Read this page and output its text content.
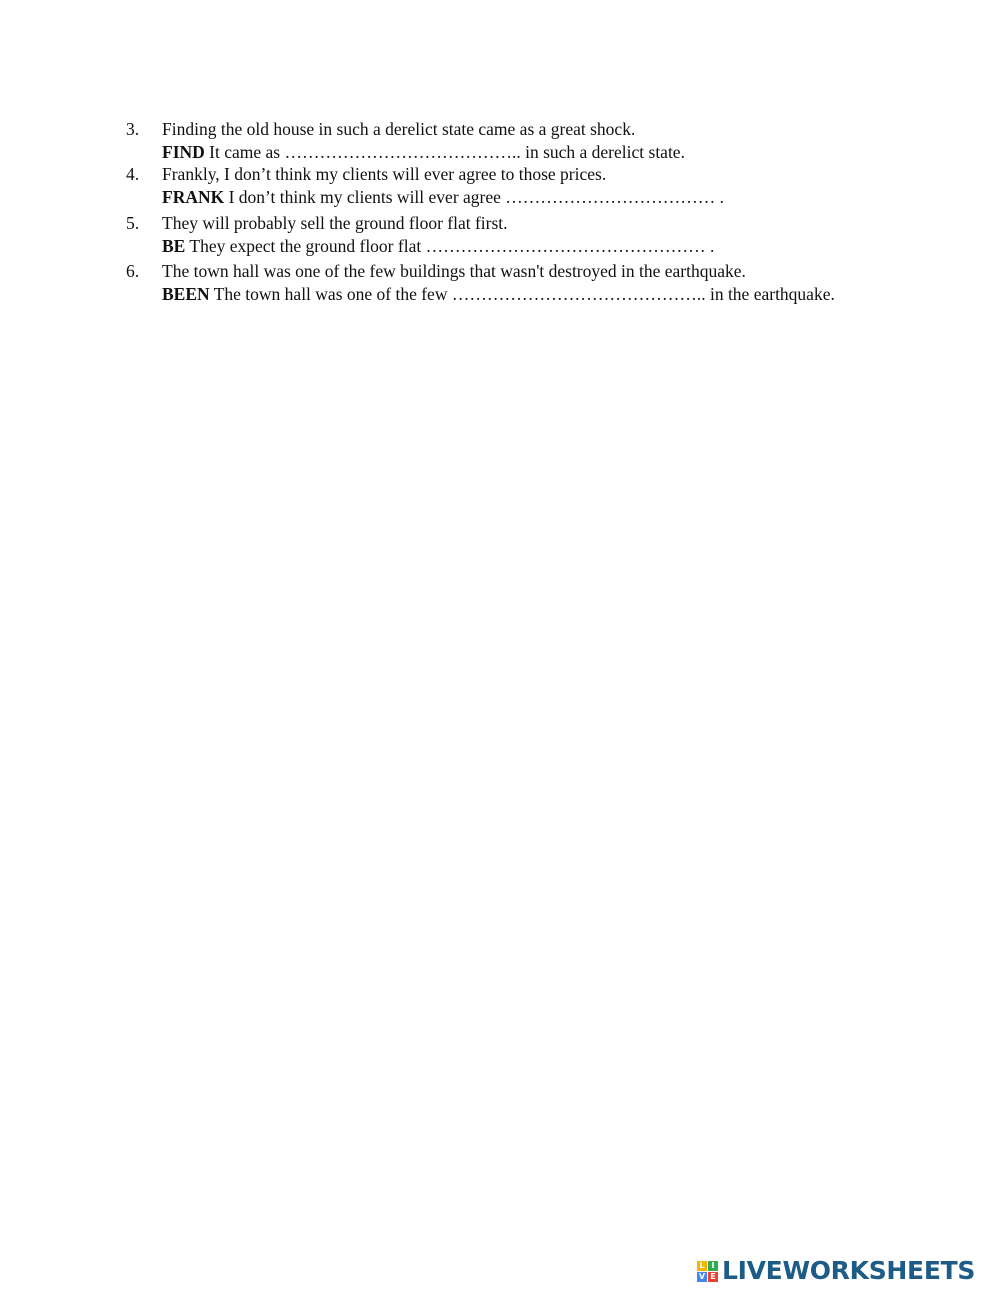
3.	Finding the old house in such a derelict state came as a great shock.
FIND It came as ………………………………….. in such a derelict state.
4.	Frankly, I don’t think my clients will ever agree to those prices.
FRANK I don’t think my clients will ever agree ……………………………… .
5.	They will probably sell the ground floor flat first.
BE They expect the ground floor flat ………………………………………… .
6.	The town hall was one of the few buildings that wasn't destroyed in the earthquake.
BEEN The town hall was one of the few …………………………………….. in the earthquake.
L I
V E LIVEWORKSHEETS
